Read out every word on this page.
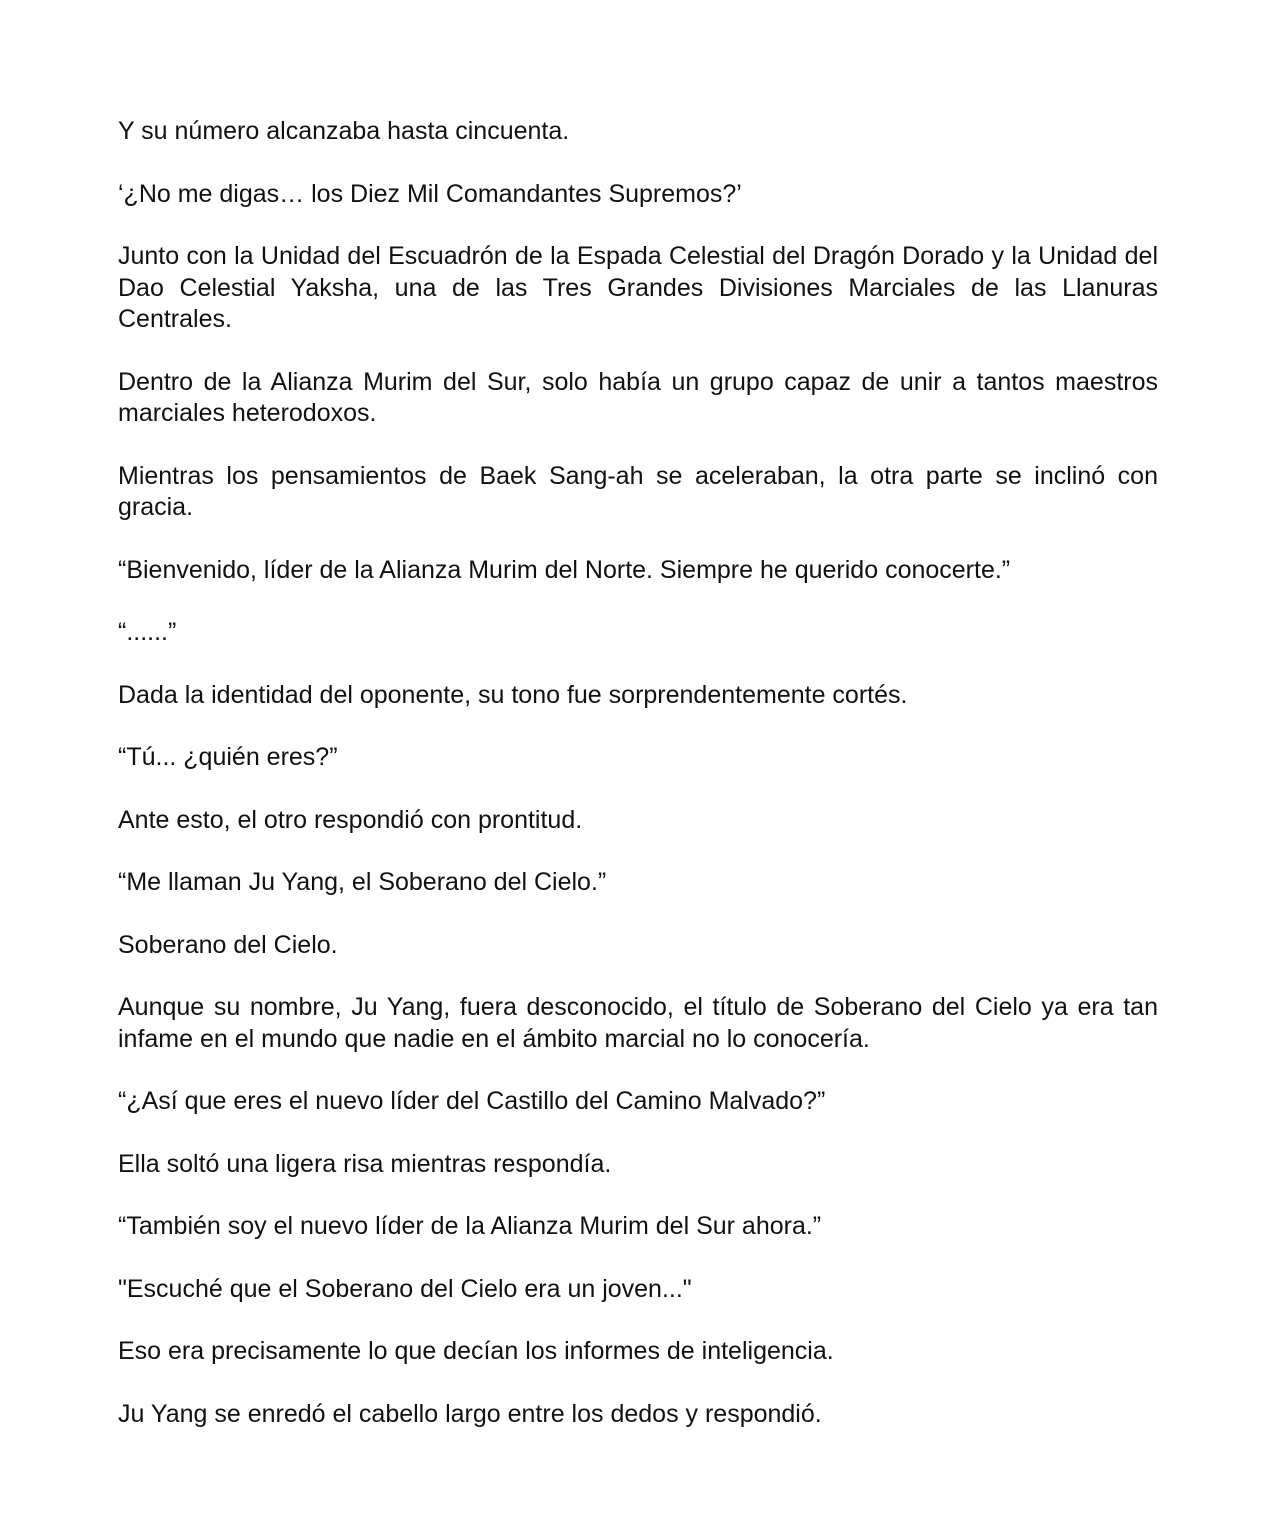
Y su número alcanzaba hasta cincuenta.

‘¿No me digas… los Diez Mil Comandantes Supremos?’

Junto con la Unidad del Escuadrón de la Espada Celestial del Dragón Dorado y la Unidad del Dao Celestial Yaksha, una de las Tres Grandes Divisiones Marciales de las Llanuras Centrales.

Dentro de la Alianza Murim del Sur, solo había un grupo capaz de unir a tantos maestros marciales heterodoxos.

Mientras los pensamientos de Baek Sang-ah se aceleraban, la otra parte se inclinó con gracia.

“Bienvenido, líder de la Alianza Murim del Norte. Siempre he querido conocerte.”

“......”

Dada la identidad del oponente, su tono fue sorprendentemente cortés.

“Tú... ¿quién eres?”

Ante esto, el otro respondió con prontitud.

“Me llaman Ju Yang, el Soberano del Cielo.”

Soberano del Cielo.

Aunque su nombre, Ju Yang, fuera desconocido, el título de Soberano del Cielo ya era tan infame en el mundo que nadie en el ámbito marcial no lo conocería.

“¿Así que eres el nuevo líder del Castillo del Camino Malvado?”

Ella soltó una ligera risa mientras respondía.

“También soy el nuevo líder de la Alianza Murim del Sur ahora.”

"Escuché que el Soberano del Cielo era un joven..."

Eso era precisamente lo que decían los informes de inteligencia.

Ju Yang se enredó el cabello largo entre los dedos y respondió.
